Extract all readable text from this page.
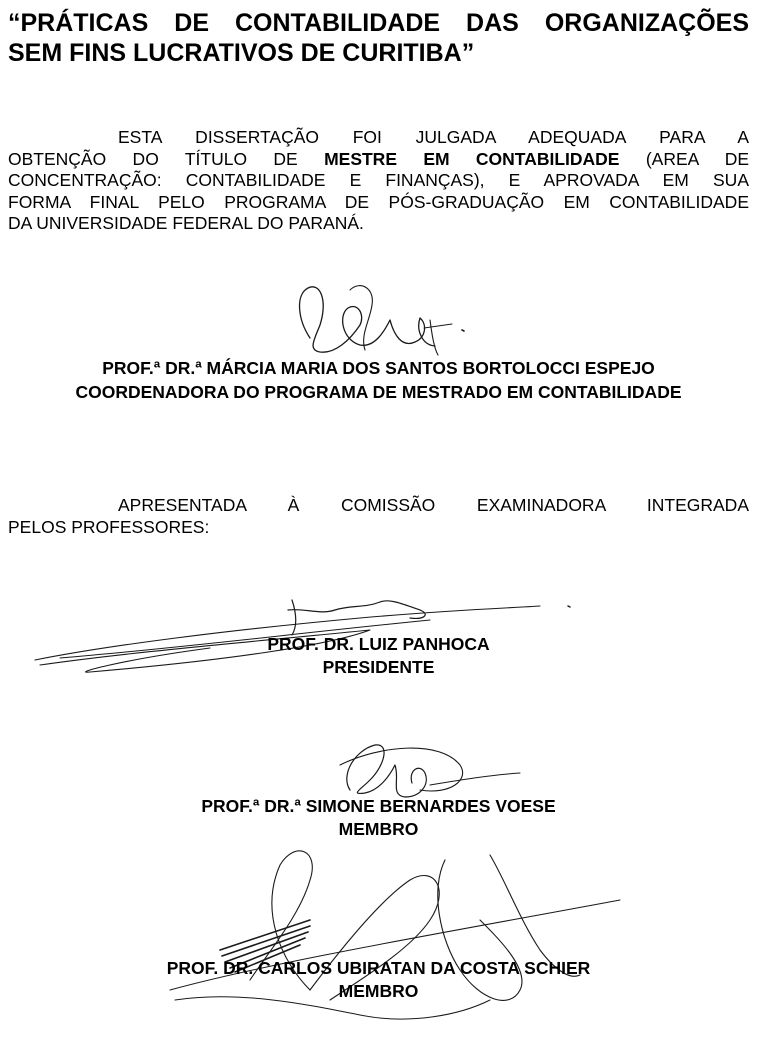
“PRÁTICAS DE CONTABILIDADE DAS ORGANIZAÇÕES
SEM FINS LUCRATIVOS DE CURITIBA”

ESTA DISSERTAÇÃO FOI JULGADA ADEQUADA PARA A
OBTENÇÃO DO TÍTULO DE MESTRE EM CONTABILIDADE (AREA DE
CONCENTRAÇÃO: CONTABILIDADE E FINANÇAS), E APROVADA EM SUA
FORMA FINAL PELO PROGRAMA DE PÓS-GRADUAÇÃO EM CONTABILIDADE
DA UNIVERSIDADE FEDERAL DO PARANÁ.

PROF.ª DR.ª MÁRCIA MARIA DOS SANTOS BORTOLOCCI ESPEJO
COORDENADORA DO PROGRAMA DE MESTRADO EM CONTABILIDADE

APRESENTADA À COMISSÃO EXAMINADORA INTEGRADA
PELOS PROFESSORES:

PROF. DR. LUIZ PANHOCA
PRESIDENTE
PROF.ª DR.ª SIMONE BERNARDES VOESE
MEMBRO
PROF. DR. CARLOS UBIRATAN DA COSTA SCHIER
MEMBRO
